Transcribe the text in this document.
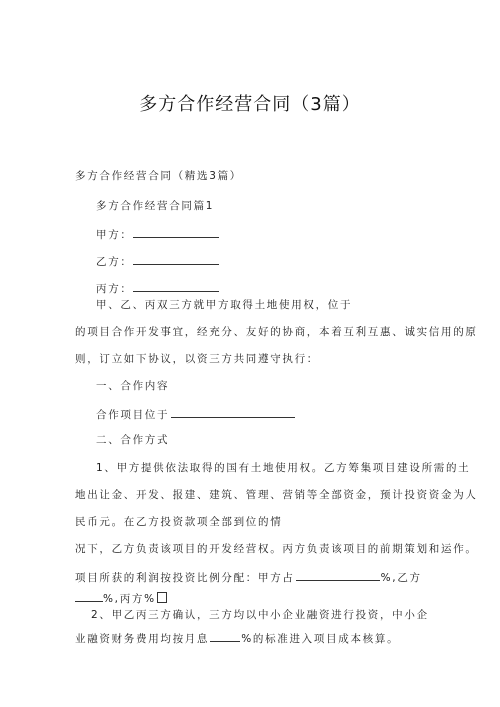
多方合作经营合同（3篇）
多方合作经营合同（精选3篇）
多方合作经营合同篇1
甲方：
乙方：
丙方：
甲、乙、丙双三方就甲方取得土地使用权，位于
的项目合作开发事宜，经充分、友好的协商，本着互利互惠、诚实信用的原
则，订立如下协议，以资三方共同遵守执行：
一、合作内容
合作项目位于
二、合作方式
1、甲方提供依法取得的国有土地使用权。乙方筹集项目建设所需的土
地出让金、开发、报建、建筑、管理、营销等全部资金，预计投资资金为人
民币元。在乙方投资款项全部到位的情
况下，乙方负责该项目的开发经营权。丙方负责该项目的前期策划和运作。
项目所获的利润按投资比例分配：甲方占	%,乙方
%,丙方%
2、甲乙丙三方确认，三方均以中小企业融资进行投资，中小企
业融资财务费用均按月息	%的标准进入项目成本核算。
